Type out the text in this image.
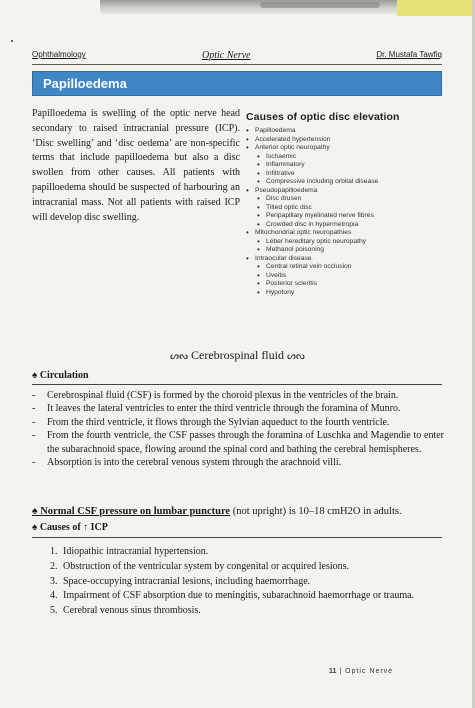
Ophthalmology	Optic Nerve	Dr. Mustafa Tawfiq
Papilloedema

Papilloedema is swelling of the optic nerve head secondary to raised intracranial pressure (ICP). ‘Disc swelling’ and ‘disc oedema’ are non-specific terms that include papilloedema but also a disc swollen from other causes. All patients with papilloedema should be suspected of harbouring an intracranial mass. Not all patients with raised ICP will develop disc swelling.

Causes of optic disc elevation
• Papilloedema
• Accelerated hypertension
• Anterior optic neuropathy
• Ischaemic
• Inflammatory
• Infiltrative
• Compressive including orbital disease
• Pseudopapilloedema
• Disc drusen
• Tilted optic disc
• Peripapillary myelinated nerve fibres
• Crowded disc in hypermetropia
• Mitochondrial optic neuropathies
• Leber hereditary optic neuropathy
• Methanol poisoning
• Intraocular disease
• Central retinal vein occlusion
• Uveitis
• Posterior scleritis
• Hypotony
ᔕᔓ Cerebrospinal fluid ᔕᔓ
♠ Circulation
- Cerebrospinal fluid (CSF) is formed by the choroid plexus in the ventricles of the brain.
- It leaves the lateral ventricles to enter the third ventricle through the foramina of Munro.
- From the third ventricle, it flows through the Sylvian aqueduct to the fourth ventricle.
- From the fourth ventricle, the CSF passes through the foramina of Luschka and Magendie to enter the subarachnoid space, flowing around the spinal cord and bathing the cerebral hemispheres.
- Absorption is into the cerebral venous system through the arachnoid villi.
♠ Normal CSF pressure on lumbar puncture (not upright) is 10–18 cmH2O in adults.
♠ Causes of ↑ ICP
1. Idiopathic intracranial hypertension.
2. Obstruction of the ventricular system by congenital or acquired lesions.
3. Space-occupying intracranial lesions, including haemorrhage.
4. Impairment of CSF absorption due to meningitis, subarachnoid haemorrhage or trauma.
5. Cerebral venous sinus thrombosis.
11 | Optic Nerve
